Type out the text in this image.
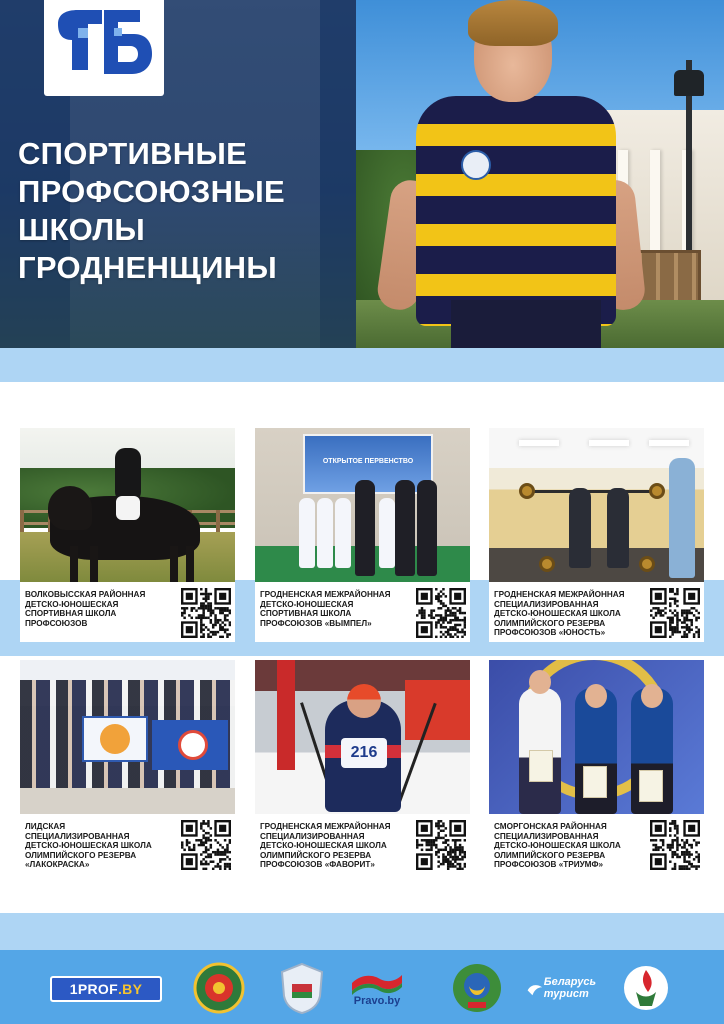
СПОРТИВНЫЕ
ПРОФСОЮЗНЫЕ
ШКОЛЫ
ГРОДНЕНЩИНЫ
ВОЛКОВЫССКАЯ РАЙОННАЯ
ДЕТСКО-ЮНОШЕСКАЯ
СПОРТИВНАЯ ШКОЛА
ПРОФСОЮЗОВ
ОТКРЫТОЕ ПЕРВЕНСТВО
ГРОДНЕНСКАЯ МЕЖРАЙОННАЯ
ДЕТСКО-ЮНОШЕСКАЯ
СПОРТИВНАЯ ШКОЛА
ПРОФСОЮЗОВ «ВЫМПЕЛ»
ГРОДНЕНСКАЯ МЕЖРАЙОННАЯ
СПЕЦИАЛИЗИРОВАННАЯ
ДЕТСКО-ЮНОШЕСКАЯ ШКОЛА
ОЛИМПИЙСКОГО РЕЗЕРВА
ПРОФСОЮЗОВ «ЮНОСТЬ»
ЛИДСКАЯ
СПЕЦИАЛИЗИРОВАННАЯ
ДЕТСКО-ЮНОШЕСКАЯ ШКОЛА
ОЛИМПИЙСКОГО РЕЗЕРВА
«ЛАКОКРАСКА»
216
ГРОДНЕНСКАЯ МЕЖРАЙОННАЯ
СПЕЦИАЛИЗИРОВАННАЯ
ДЕТСКО-ЮНОШЕСКАЯ ШКОЛА
ОЛИМПИЙСКОГО РЕЗЕРВА
ПРОФСОЮЗОВ «ФАВОРИТ»
СМОРГОНСКАЯ РАЙОННАЯ
СПЕЦИАЛИЗИРОВАННАЯ
ДЕТСКО-ЮНОШЕСКАЯ ШКОЛА
ОЛИМПИЙСКОГО РЕЗЕРВА
ПРОФСОЮЗОВ «ТРИУМФ»
1PROF .BY
Pravo.by
Беларусь
турист
